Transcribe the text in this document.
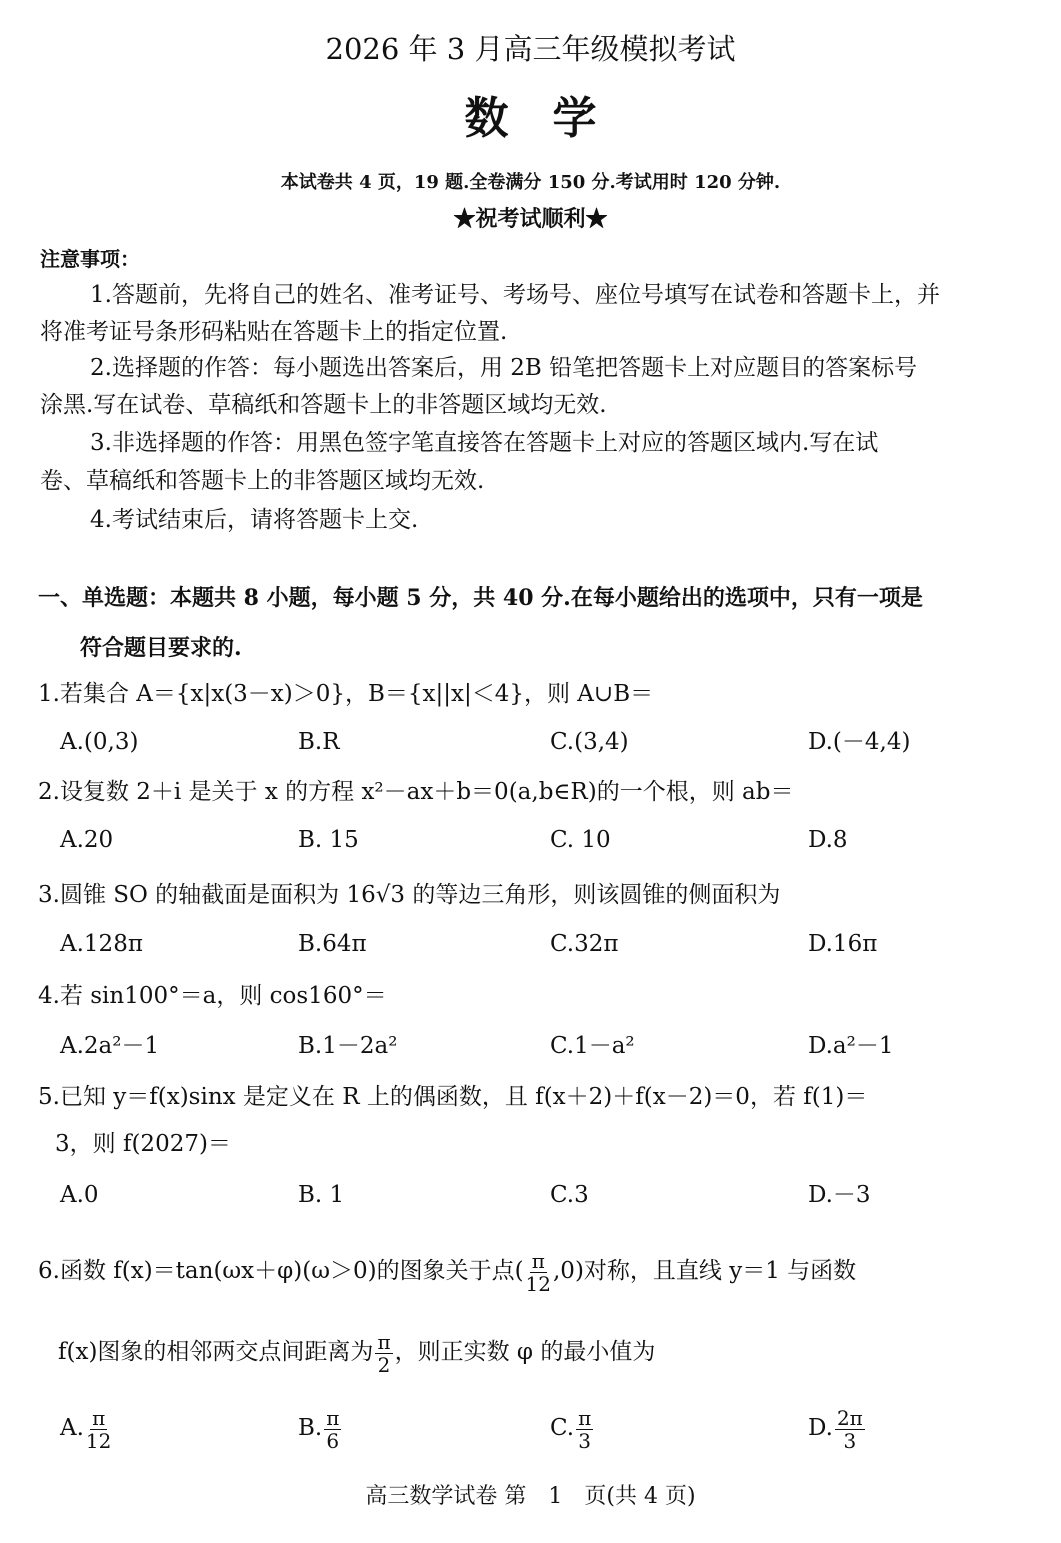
2026 年 3 月高三年级模拟考试
数　学
本试卷共 4 页，19 题.全卷满分 150 分.考试用时 120 分钟.
★祝考试顺利★
注意事项：
1.答题前，先将自己的姓名、准考证号、考场号、座位号填写在试卷和答题卡上，并
将准考证号条形码粘贴在答题卡上的指定位置.
2.选择题的作答：每小题选出答案后，用 2B 铅笔把答题卡上对应题目的答案标号
涂黑.写在试卷、草稿纸和答题卡上的非答题区域均无效.
3.非选择题的作答：用黑色签字笔直接答在答题卡上对应的答题区域内.写在试
卷、草稿纸和答题卡上的非答题区域均无效.
4.考试结束后，请将答题卡上交.
一、单选题：本题共 8 小题，每小题 5 分，共 40 分.在每小题给出的选项中，只有一项是
符合题目要求的.
1.若集合 A＝{x|x(3－x)＞0}，B＝{x||x|＜4}，则 A∪B＝
A.(0,3)	B.R	C.(3,4)	D.(－4,4)
2.设复数 2＋i 是关于 x 的方程 x²－ax＋b＝0(a,b∈R)的一个根，则 ab＝
A.20	B. 15	C. 10	D.8
3.圆锥 SO 的轴截面是面积为 16√3 的等边三角形，则该圆锥的侧面积为
A.128π	B.64π	C.32π	D.16π
4.若 sin100°＝a，则 cos160°＝
A.2a²－1	B.1－2a²	C.1－a²	D.a²－1
5.已知 y＝f(x)sinx 是定义在 R 上的偶函数，且 f(x＋2)＋f(x－2)＝0，若 f(1)＝
3，则 f(2027)＝
A.0	B. 1	C.3	D.－3
6.函数 f(x)＝tan(ωx＋φ)(ω＞0)的图象关于点( $\frac{\pi}{12} ,0$)对称，且直线 y＝1 与函数
f(x)图象的相邻两交点间距离为 $\frac{\pi}{2}$ ，则正实数 φ 的最小值为
A. $\frac{\pi}{12}$	B. $\frac{\pi}{6}$	C. $\frac{\pi}{3}$	D. $\frac{2\pi}{3}$
高三数学试卷 第　1　页(共 4 页)
